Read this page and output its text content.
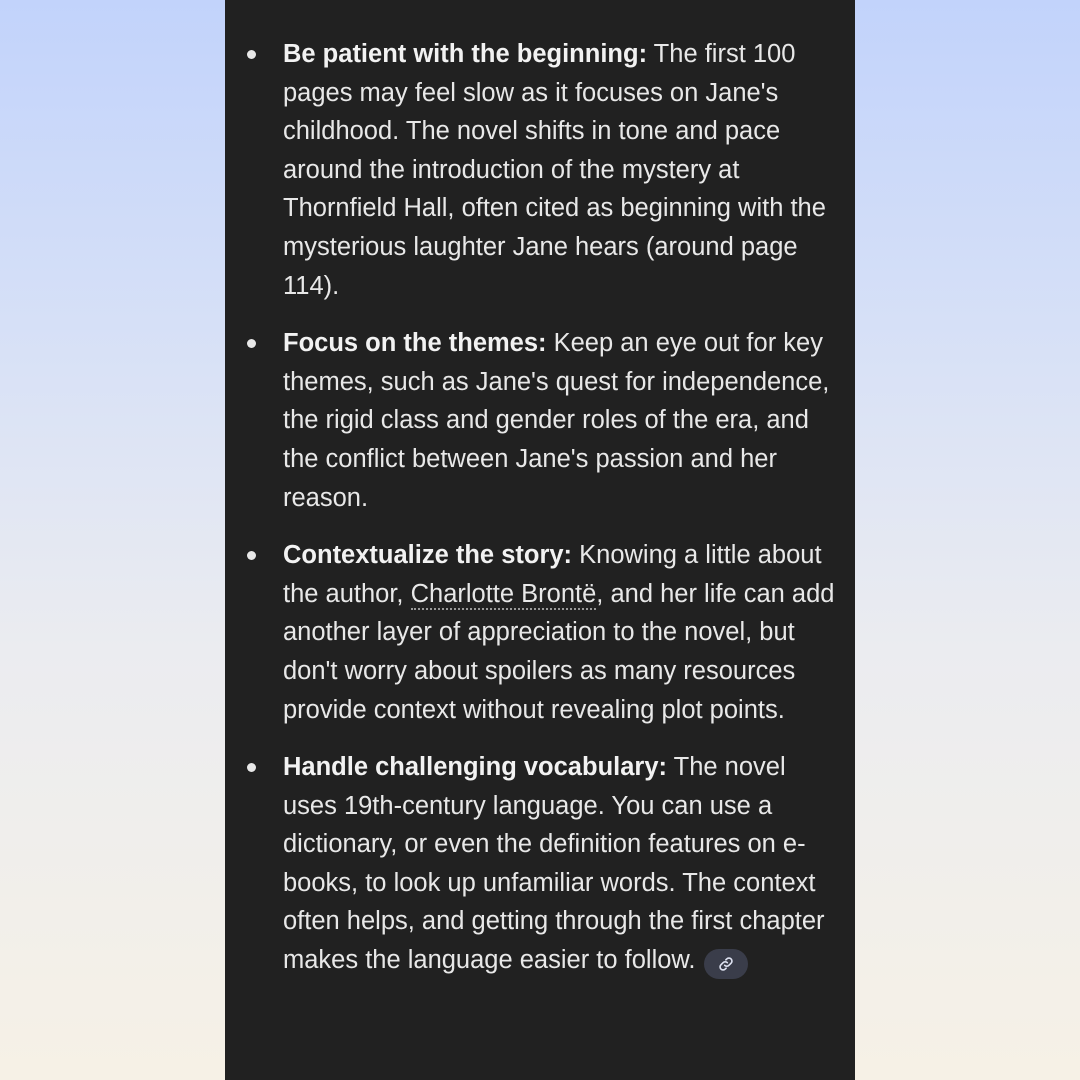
Be patient with the beginning: The first 100 pages may feel slow as it focuses on Jane's childhood. The novel shifts in tone and pace around the introduction of the mystery at Thornfield Hall, often cited as beginning with the mysterious laughter Jane hears (around page 114).
Focus on the themes: Keep an eye out for key themes, such as Jane's quest for independence, the rigid class and gender roles of the era, and the conflict between Jane's passion and her reason.
Contextualize the story: Knowing a little about the author, Charlotte Brontë, and her life can add another layer of appreciation to the novel, but don't worry about spoilers as many resources provide context without revealing plot points.
Handle challenging vocabulary: The novel uses 19th-century language. You can use a dictionary, or even the definition features on e-books, to look up unfamiliar words. The context often helps, and getting through the first chapter makes the language easier to follow.
